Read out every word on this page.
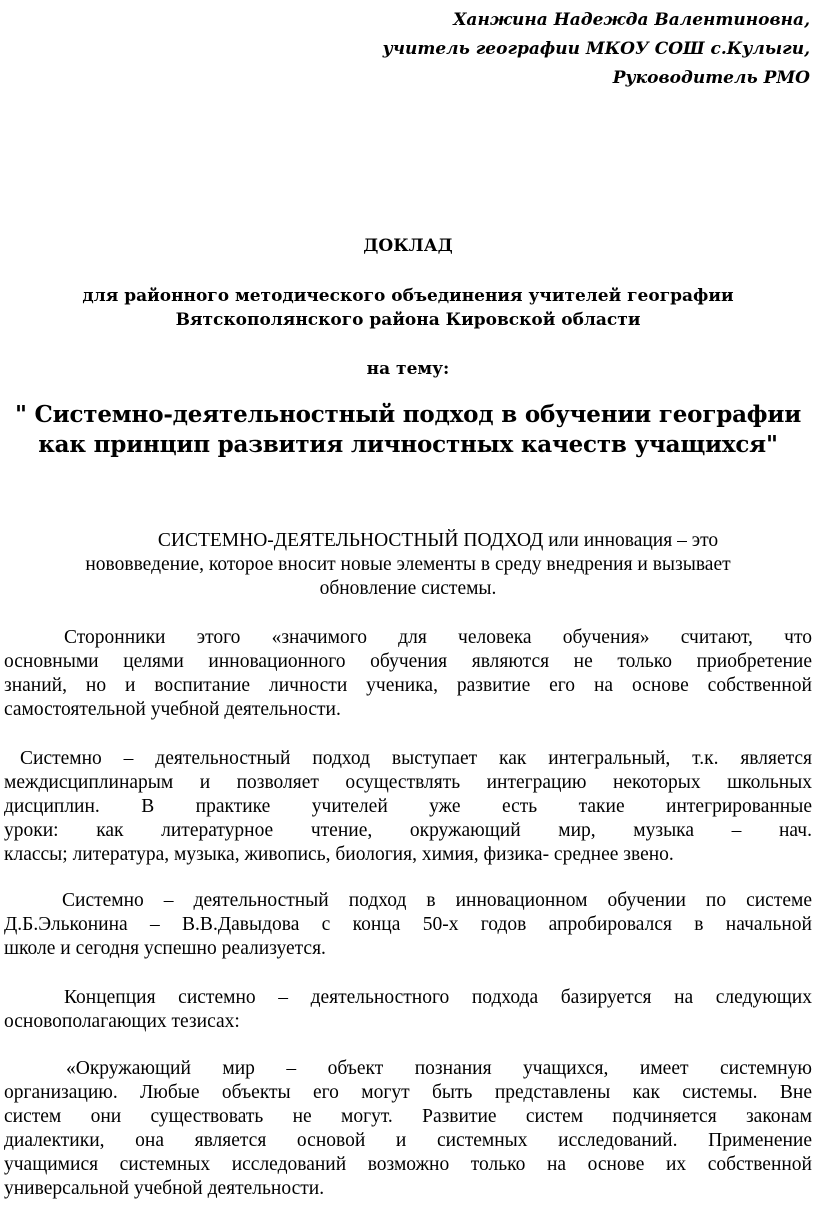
Ханжина Надежда Валентиновна,
учитель географии МКОУ СОШ с.Кулыги,
Руководитель РМО
ДОКЛАД
для районного методического объединения учителей географии
Вятскополянского района Кировской области
на тему:
" Системно-деятельностный подход в обучении географии
как принцип развития личностных качеств учащихся"
СИСТЕМНО-ДЕЯТЕЛЬНОСТНЫЙ ПОДХОД или инновация – это
нововведение, которое вносит новые элементы в среду внедрения и вызывает
обновление системы.
Сторонники этого «значимого для человека обучения» считают, что
основными целями инновационного обучения являются не только приобретение
знаний, но и воспитание личности ученика, развитие его на основе собственной
самостоятельной учебной деятельности.
Системно – деятельностный подход выступает как интегральный, т.к. является
междисциплинарым и позволяет осуществлять интеграцию некоторых школьных
дисциплин. В практике учителей уже есть такие интегрированные
уроки: как литературное чтение, окружающий мир, музыка – нач.
классы; литература, музыка, живопись, биология, химия, физика- среднее звено.
Системно – деятельностный подход в инновационном обучении по системе
Д.Б.Эльконина – В.В.Давыдова с конца 50-х годов апробировался в начальной
школе и сегодня успешно реализуется.
Концепция системно – деятельностного подхода базируется на следующих
основополагающих тезисах:
«Окружающий мир – объект познания учащихся, имеет системную
организацию. Любые объекты его могут быть представлены как системы. Вне
систем они существовать не могут. Развитие систем подчиняется законам
диалектики, она является основой и системных исследований. Применение
учащимися системных исследований возможно только на основе их собственной
универсальной учебной деятельности.
